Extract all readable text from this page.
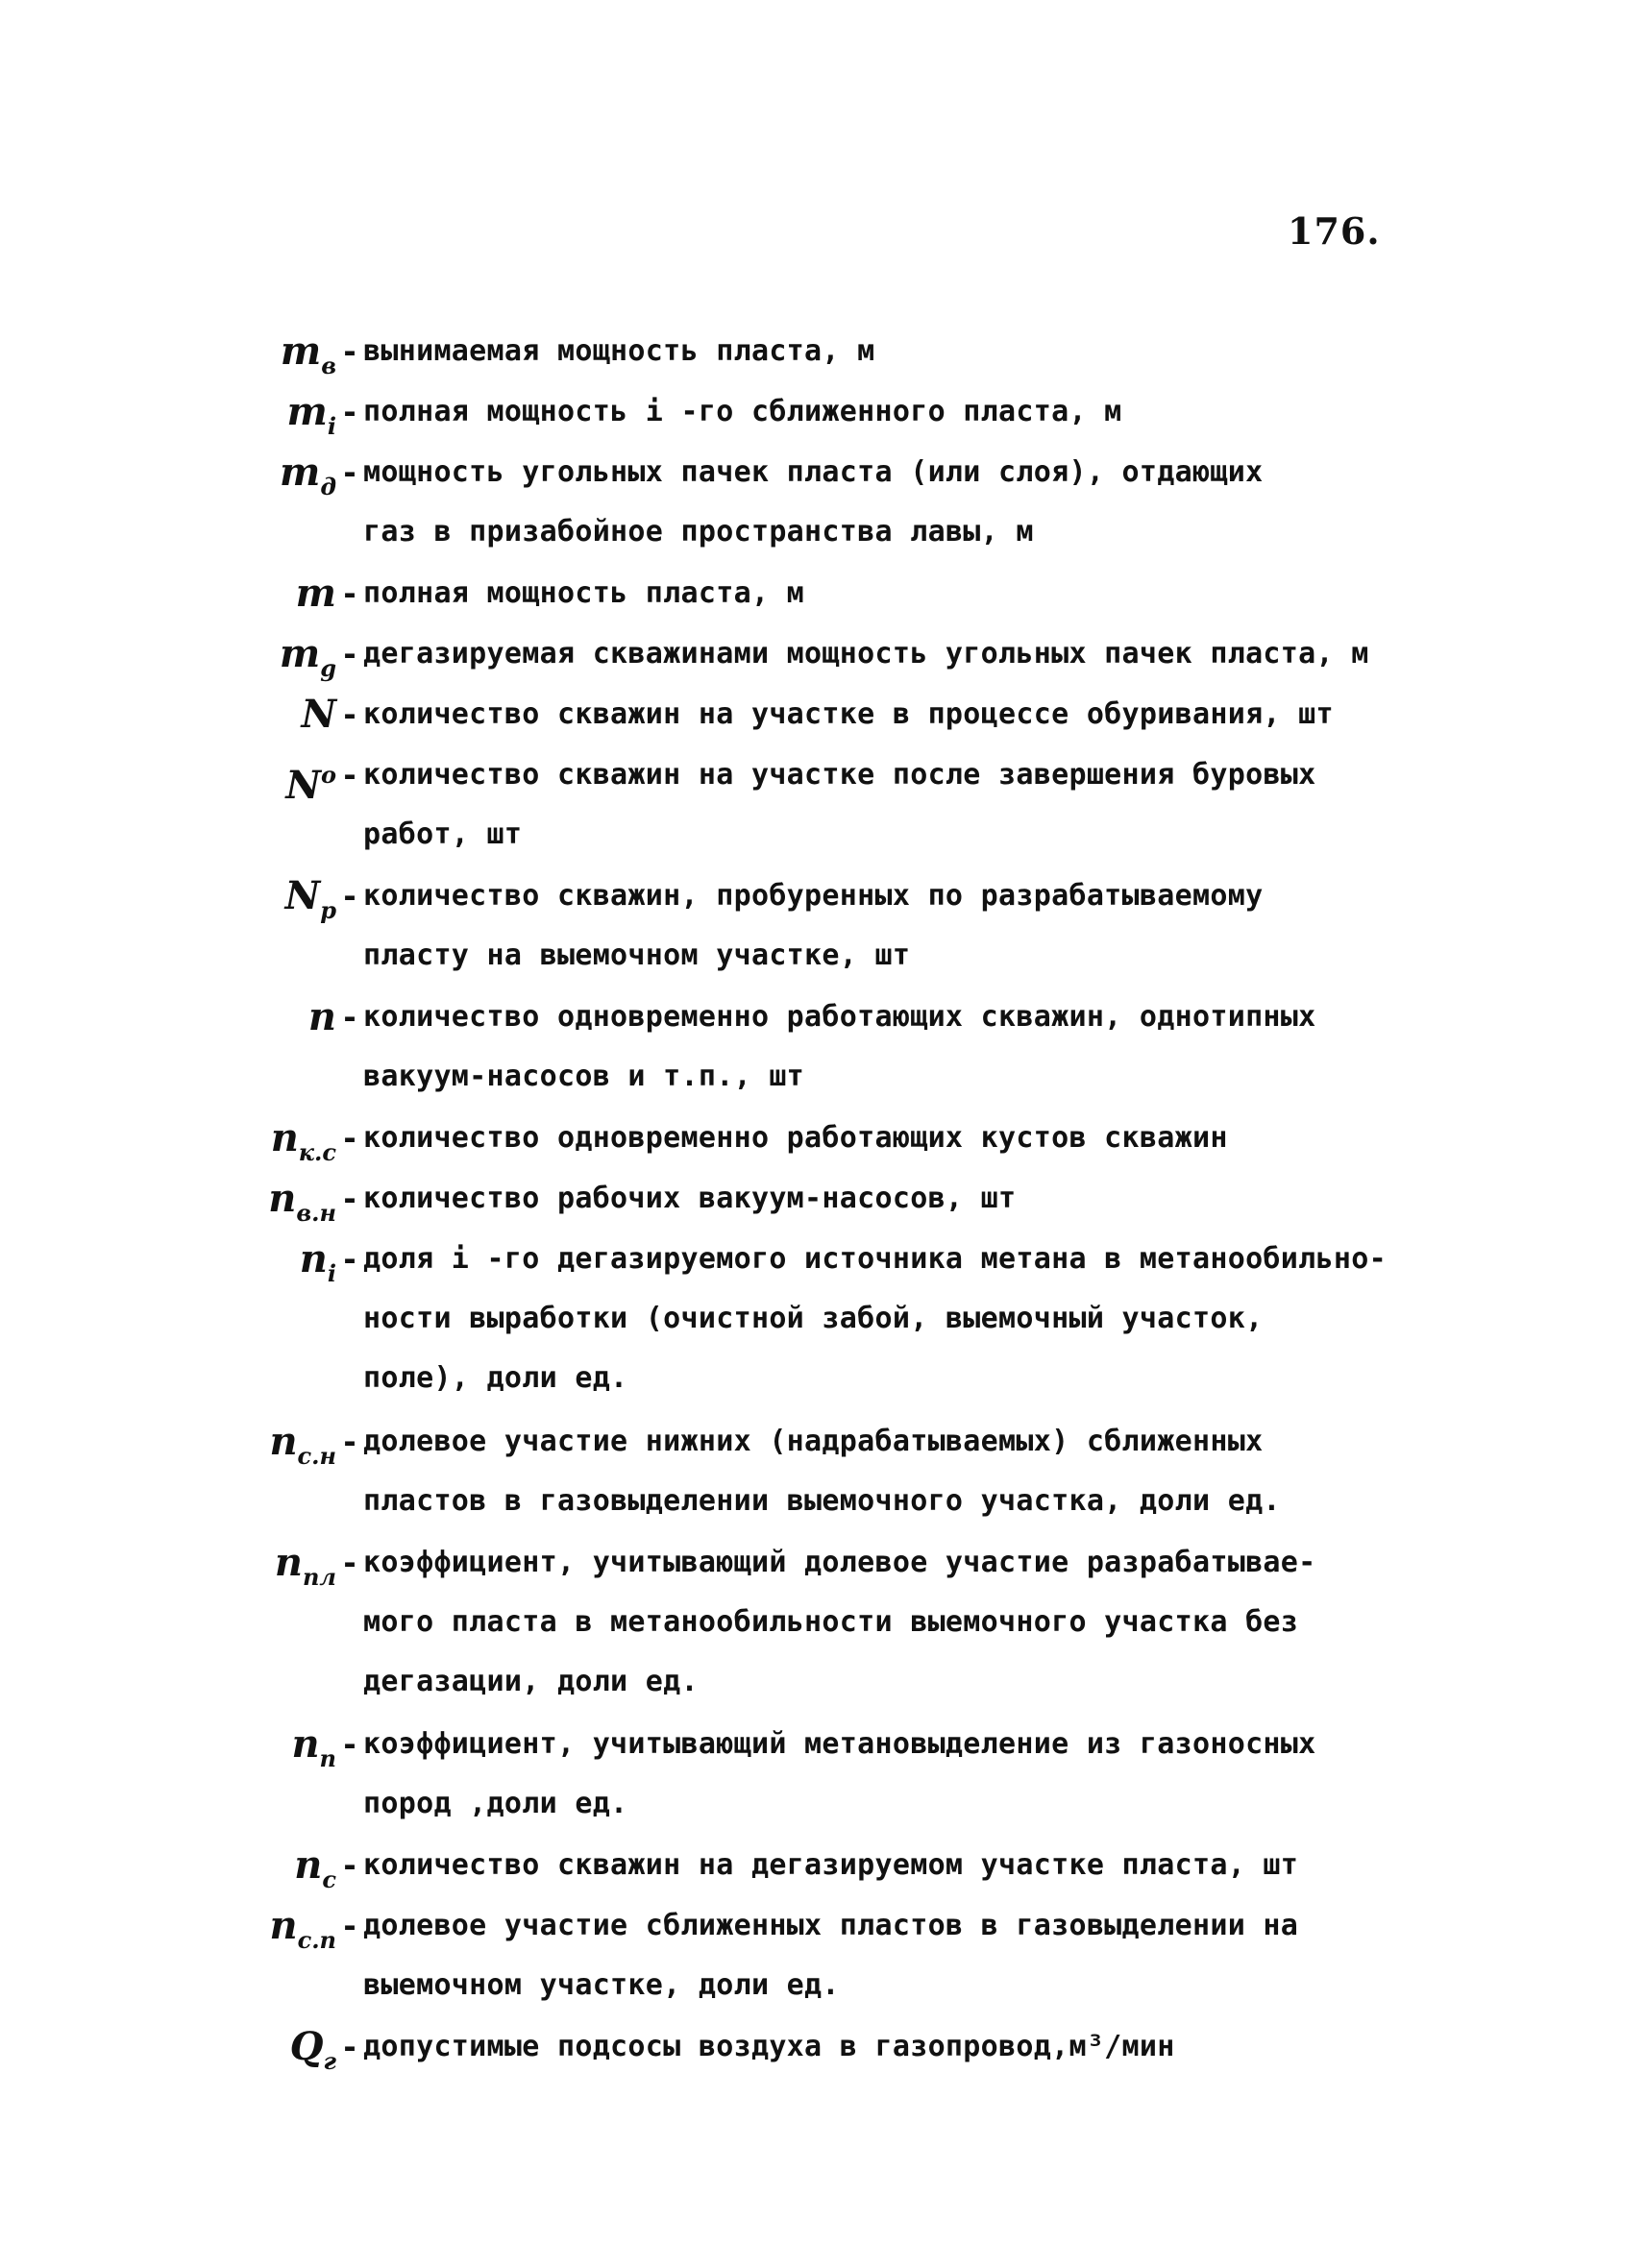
176.
$m_в$ - вынимаемая мощность пласта, м
$m_i$ - полная мощность i -го сближенного пласта, м
$m_д$ - мощность угольных пачек пласта (или слоя), отдающих
газ в призабойное пространства лавы, м
m - полная мощность пласта, м
$m_g$ - дегазируемая скважинами мощность угольных пачек пласта, м
N - количество скважин на участке в процессе обуривания, шт
$N^o$ - количество скважин на участке после завершения буровых
работ, шт
$N_р$ - количество скважин, пробуренных по разрабатываемому
пласту на выемочном участке, шт
n - количество одновременно работающих скважин, однотипных
вакуум-насосов и т.п., шт
$n_{к.с}$ - количество одновременно работающих кустов скважин
$n_{в.н}$ - количество рабочих вакуум-насосов, шт
$n_i$ - доля i -го дегазируемого источника метана в метанообильно-
ности выработки (очистной забой, выемочный участок,
поле), доли ед.
$n_{с.н}$ - долевое участие нижних (надрабатываемых) сближенных
пластов в газовыделении выемочного участка, доли ед.
$n_{пл}$ - коэффициент, учитывающий долевое участие разрабатывае-
мого пласта в метанообильности выемочного участка без
дегазации, доли ед.
$n_п$ - коэффициент, учитывающий метановыделение из газоносных
пород ,доли ед.
$n_с$ - количество скважин на дегазируемом участке пласта, шт
$n_{с.п}$ - долевое участие сближенных пластов в газовыделении на
выемочном участке, доли ед.
$Q_г$ - допустимые подсосы воздуха в газопровод,м³/мин
